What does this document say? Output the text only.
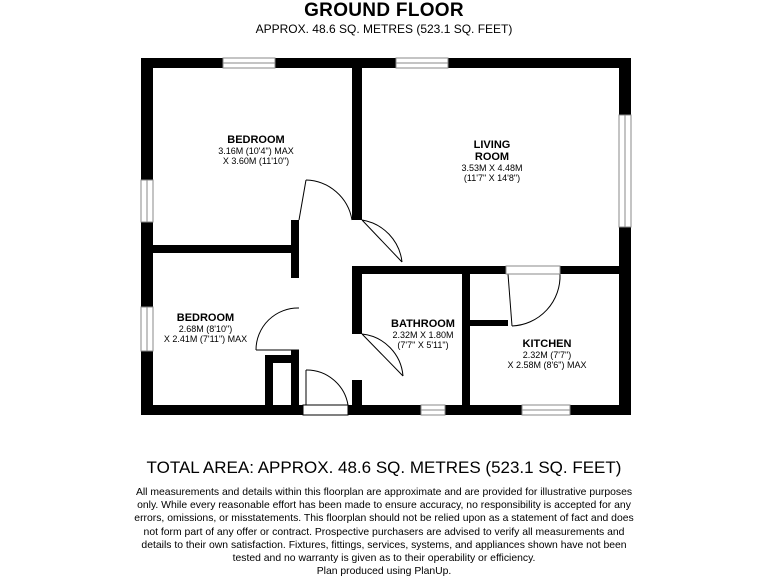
GROUND FLOOR
APPROX. 48.6 SQ. METRES (523.1 SQ. FEET)
BEDROOM
3.16M (10'4") MAX
X 3.60M (11'10")
LIVING
ROOM
3.53M X 4.48M
(11'7" X 14'8")
BEDROOM
2.68M (8'10")
X 2.41M (7'11") MAX
BATHROOM
2.32M X 1.80M
(7'7" X 5'11")	KITCHEN
2.32M (7'7")
X 2.58M (8'6") MAX
TOTAL AREA: APPROX. 48.6 SQ. METRES (523.1 SQ. FEET)
All measurements and details within this floorplan are approximate and are provided for illustrative purposes
only. While every reasonable effort has been made to ensure accuracy, no responsibility is accepted for any
errors, omissions, or misstatements. This floorplan should not be relied upon as a statement of fact and does
not form part of any offer or contract. Prospective purchasers are advised to verify all measurements and
details to their own satisfaction. Fixtures, fittings, services, systems, and appliances shown have not been
tested and no warranty is given as to their operability or efficiency.
Plan produced using PlanUp.
